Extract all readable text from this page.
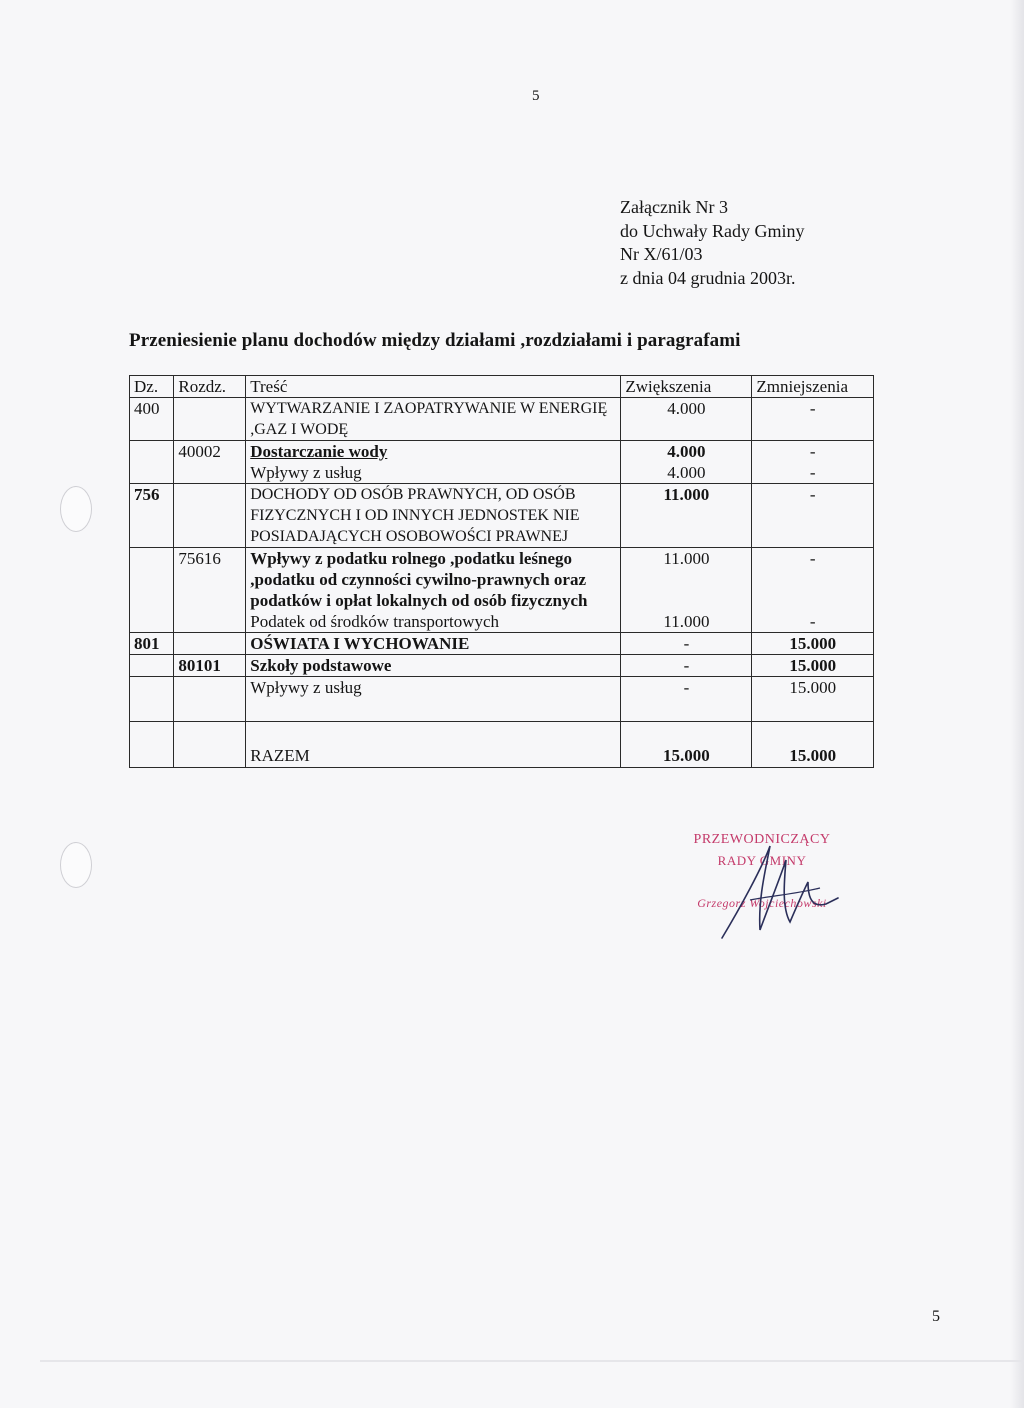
5
Załącznik Nr 3
do Uchwały Rady Gminy
Nr X/61/03
z dnia 04 grudnia 2003r.
Przeniesienie planu dochodów między działami ,rozdziałami i paragrafami
Dz.	Rozdz.	Treść	Zwiększenia	Zmniejszenia
400		WYTWARZANIE I ZAOPATRYWANIE W ENERGIĘ ,GAZ I WODĘ	4.000	-
	40002	Dostarczanie wody	4.000	-
		Wpływy z usług	4.000	-
756		DOCHODY OD OSÓB PRAWNYCH, OD OSÓB FIZYCZNYCH I OD INNYCH JEDNOSTEK NIE POSIADAJĄCYCH OSOBOWOŚCI PRAWNEJ	11.000	-
	75616	Wpływy z podatku rolnego ,podatku leśnego ,podatku od czynności cywilno-prawnych oraz podatków i opłat lokalnych od osób fizycznych	11.000	-
		Podatek od środków transportowych	11.000	-
801		OŚWIATA I WYCHOWANIE	-	15.000
	80101	Szkoły podstawowe	-	15.000
		Wpływy z usług	-	15.000
		RAZEM	15.000	15.000
PRZEWODNICZĄCY
RADY GMINY
Grzegorz Wojciechowski
5
